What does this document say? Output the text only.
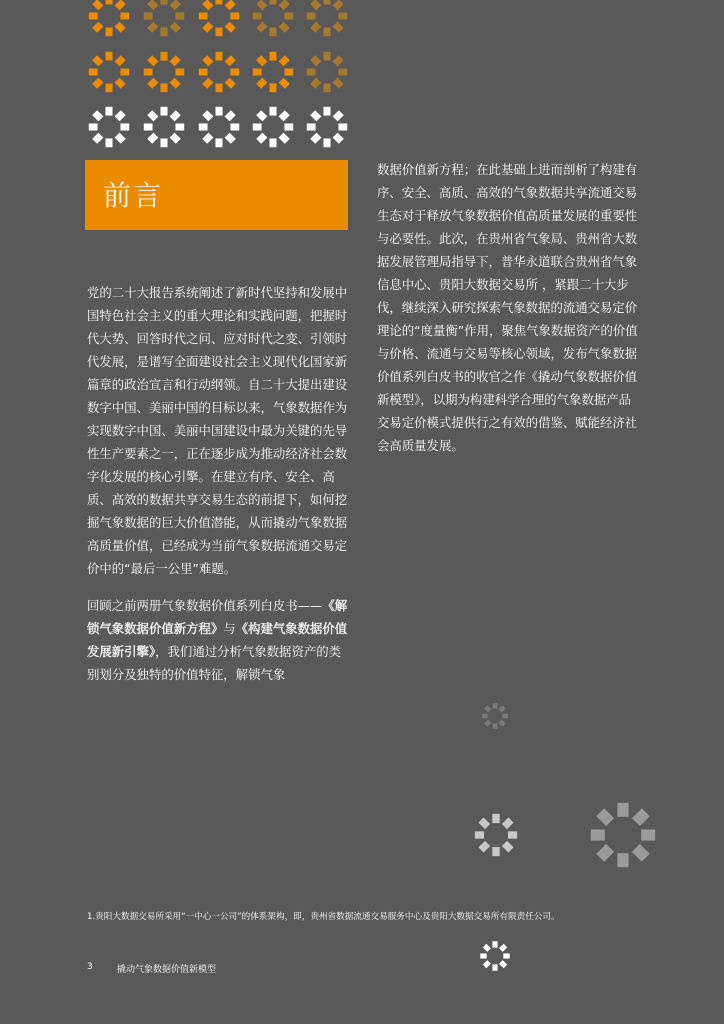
前言

党的二十大报告系统阐述了新时代坚持和发展中国特色社会主义的重大理论和实践问题，把握时代大势、回答时代之问、应对时代之变、引领时代发展，是谱写全面建设社会主义现代化国家新篇章的政治宣言和行动纲领。自二十大提出建设数字中国、美丽中国的目标以来，气象数据作为实现数字中国、美丽中国建设中最为关键的先导性生产要素之一，正在逐步成为推动经济社会数字化发展的核心引擎。在建立有序、安全、高质、高效的数据共享交易生态的前提下，如何挖掘气象数据的巨大价值潜能，从而撬动气象数据高质量价值，已经成为当前气象数据流通交易定价中的“最后一公里”难题。

回顾之前两册气象数据价值系列白皮书——《解锁气象数据价值新方程》与《构建气象数据价值发展新引擎》，我们通过分析气象数据资产的类别划分及独特的价值特征，解锁气象

数据价值新方程；在此基础上进而剖析了构建有序、安全、高质、高效的气象数据共享流通交易生态对于释放气象数据价值高质量发展的重要性与必要性。此次，在贵州省气象局、贵州省大数据发展管理局指导下，普华永道联合贵州省气象信息中心、贵阳大数据交易所 ，紧跟二十大步伐，继续深入研究探索气象数据的流通交易定价理论的“度量衡”作用，聚焦气象数据资产的价值与价格、流通与交易等核心领域，发布气象数据价值系列白皮书的收官之作《撬动气象数据价值新模型》，以期为构建科学合理的气象数据产品交易定价模式提供行之有效的借鉴、赋能经济社会高质量发展。

1.贵阳大数据交易所采用“一中心一公司”的体系架构，即，贵州省数据流通交易服务中心及贵阳大数据交易所有限责任公司。
3	撬动气象数据价值新模型
